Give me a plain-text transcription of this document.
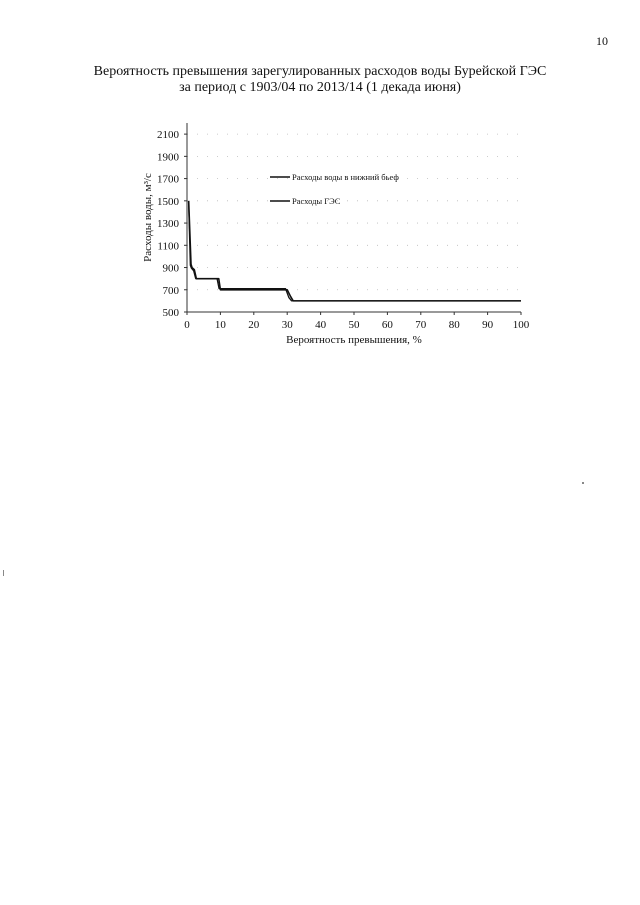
10
Вероятность превышения зарегулированных расходов воды Бурейской ГЭС
за период с 1903/04 по 2013/14 (1 декада июня)
500
700
900
1100
1300
1500
1700
1900
2100
0 10 20 30 40 50 60 70 80 90 100
Вероятность превышения, %
Расходы воды, м³/с	Расходы воды в нижний бьеф
Расходы ГЭС
